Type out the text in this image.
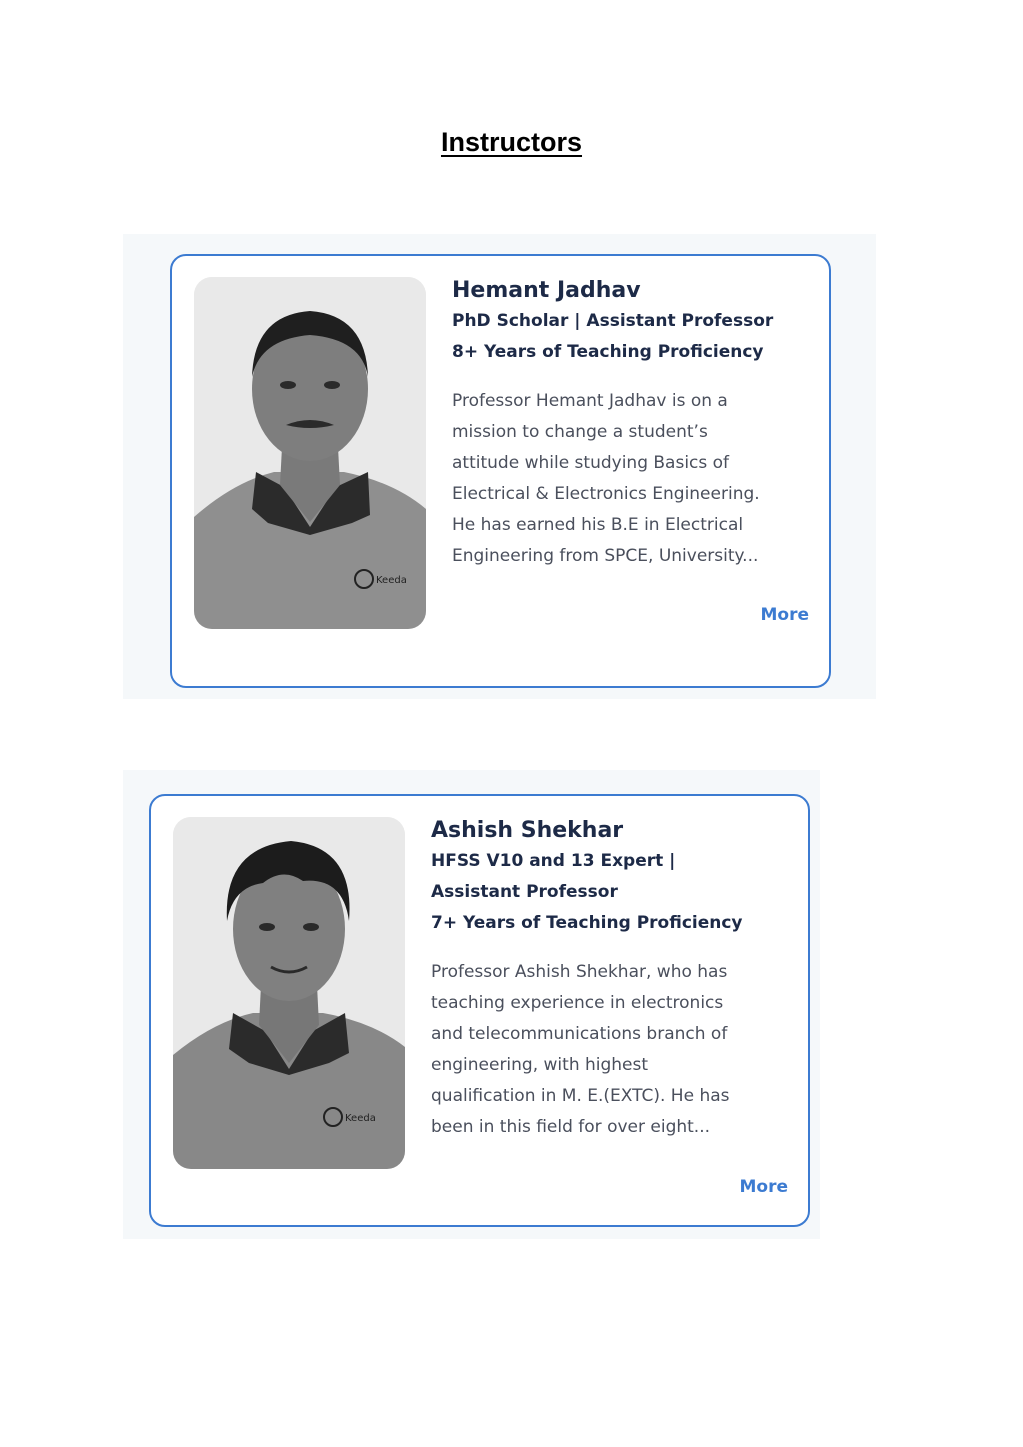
Instructors
Keeda
Hemant Jadhav
PhD Scholar | Assistant Professor
8+ Years of Teaching Proficiency
Professor Hemant Jadhav is on a
mission to change a student’s
attitude while studying Basics of
Electrical & Electronics Engineering.
He has earned his B.E in Electrical
Engineering from SPCE, University...
More
Keeda
Ashish Shekhar
HFSS V10 and 13 Expert |
Assistant Professor
7+ Years of Teaching Proficiency
Professor Ashish Shekhar, who has
teaching experience in electronics
and telecommunications branch of
engineering, with highest
qualification in M. E.(EXTC). He has
been in this field for over eight...
More
